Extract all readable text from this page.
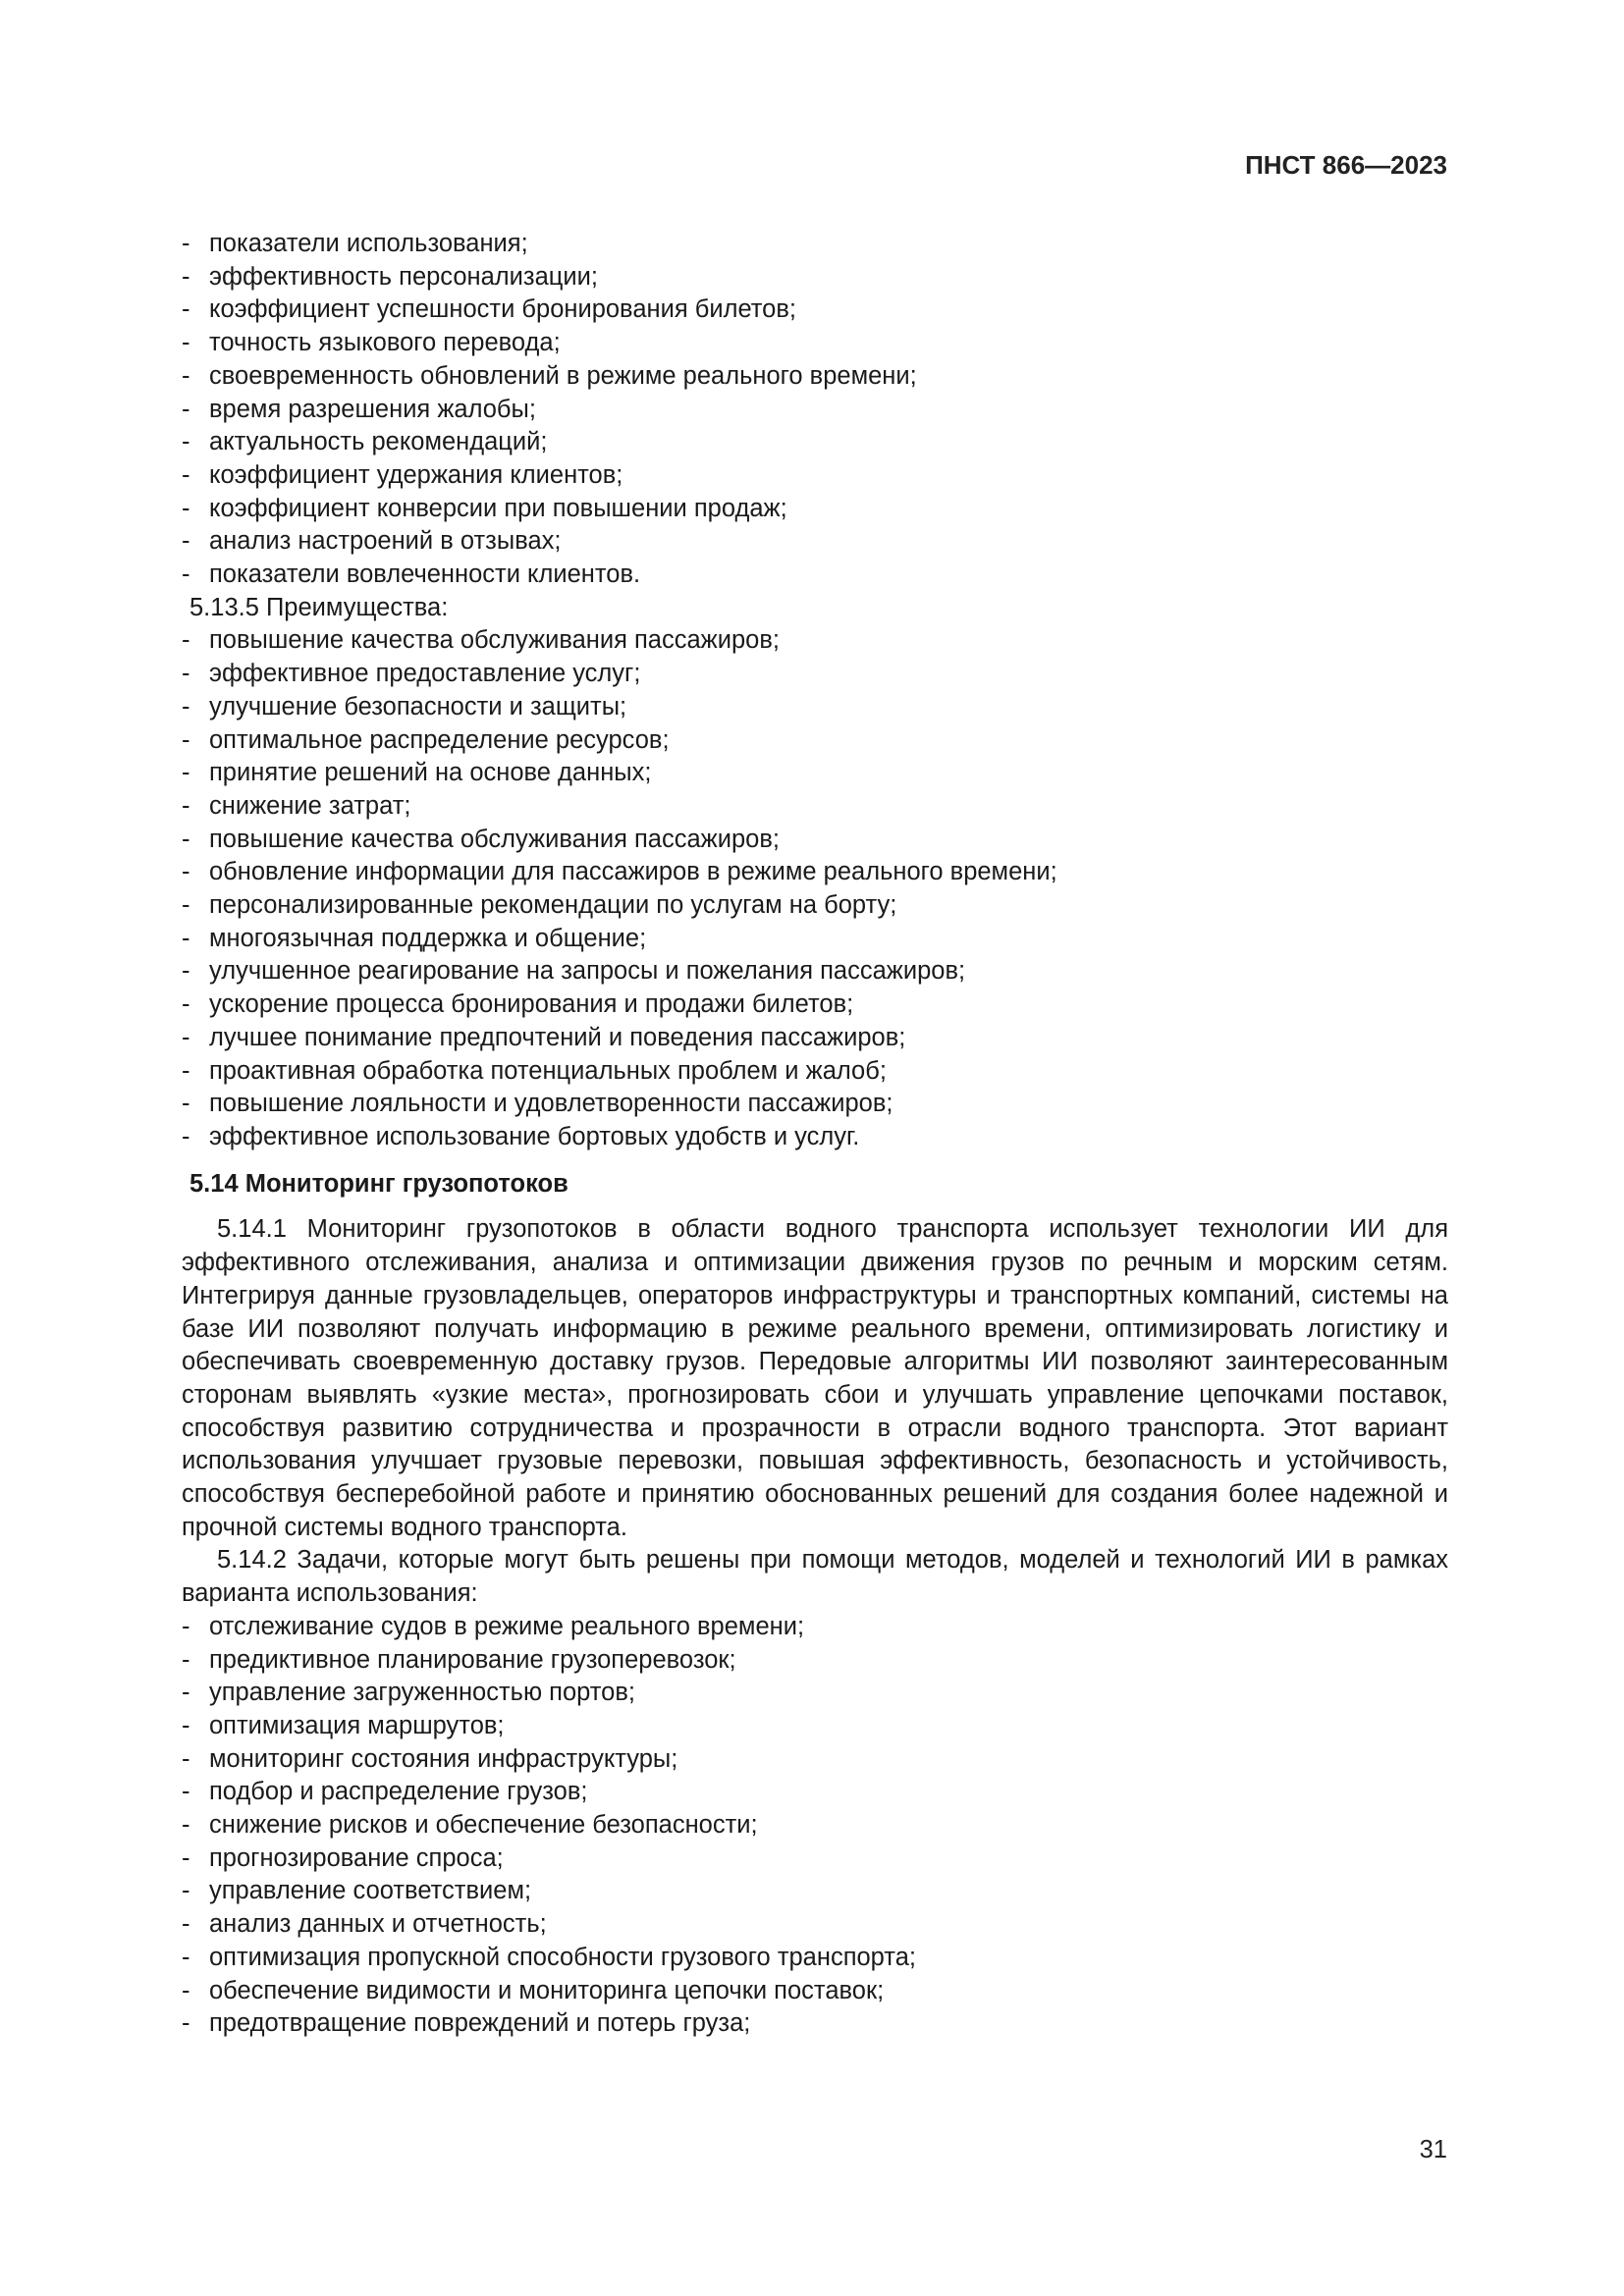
ПНСТ 866—2023
- показатели использования;
- эффективность персонализации;
- коэффициент успешности бронирования билетов;
- точность языкового перевода;
- своевременность обновлений в режиме реального времени;
- время разрешения жалобы;
- актуальность рекомендаций;
- коэффициент удержания клиентов;
- коэффициент конверсии при повышении продаж;
- анализ настроений в отзывах;
- показатели вовлеченности клиентов.

5.13.5 Преимущества:

- повышение качества обслуживания пассажиров;
- эффективное предоставление услуг;
- улучшение безопасности и защиты;
- оптимальное распределение ресурсов;
- принятие решений на основе данных;
- снижение затрат;
- повышение качества обслуживания пассажиров;
- обновление информации для пассажиров в режиме реального времени;
- персонализированные рекомендации по услугам на борту;
- многоязычная поддержка и общение;
- улучшенное реагирование на запросы и пожелания пассажиров;
- ускорение процесса бронирования и продажи билетов;
- лучшее понимание предпочтений и поведения пассажиров;
- проактивная обработка потенциальных проблем и жалоб;
- повышение лояльности и удовлетворенности пассажиров;
- эффективное использование бортовых удобств и услуг.
5.14 Мониторинг грузопотоков

5.14.1 Мониторинг грузопотоков в области водного транспорта использует технологии ИИ для эффективного отслеживания, анализа и оптимизации движения грузов по речным и морским сетям. Интегрируя данные грузовладельцев, операторов инфраструктуры и транспортных компаний, системы на базе ИИ позволяют получать информацию в режиме реального времени, оптимизировать логистику и обеспечивать своевременную доставку грузов. Передовые алгоритмы ИИ позволяют заинтересованным сторонам выявлять «узкие места», прогнозировать сбои и улучшать управление цепочками поставок, способствуя развитию сотрудничества и прозрачности в отрасли водного транспорта. Этот вариант использования улучшает грузовые перевозки, повышая эффективность, безопасность и устойчивость, способствуя бесперебойной работе и принятию обоснованных решений для создания более надежной и прочной системы водного транспорта.

5.14.2 Задачи, которые могут быть решены при помощи методов, моделей и технологий ИИ в рамках варианта использования:

- отслеживание судов в режиме реального времени;
- предиктивное планирование грузоперевозок;
- управление загруженностью портов;
- оптимизация маршрутов;
- мониторинг состояния инфраструктуры;
- подбор и распределение грузов;
- снижение рисков и обеспечение безопасности;
- прогнозирование спроса;
- управление соответствием;
- анализ данных и отчетность;
- оптимизация пропускной способности грузового транспорта;
- обеспечение видимости и мониторинга цепочки поставок;
- предотвращение повреждений и потерь груза;
31
